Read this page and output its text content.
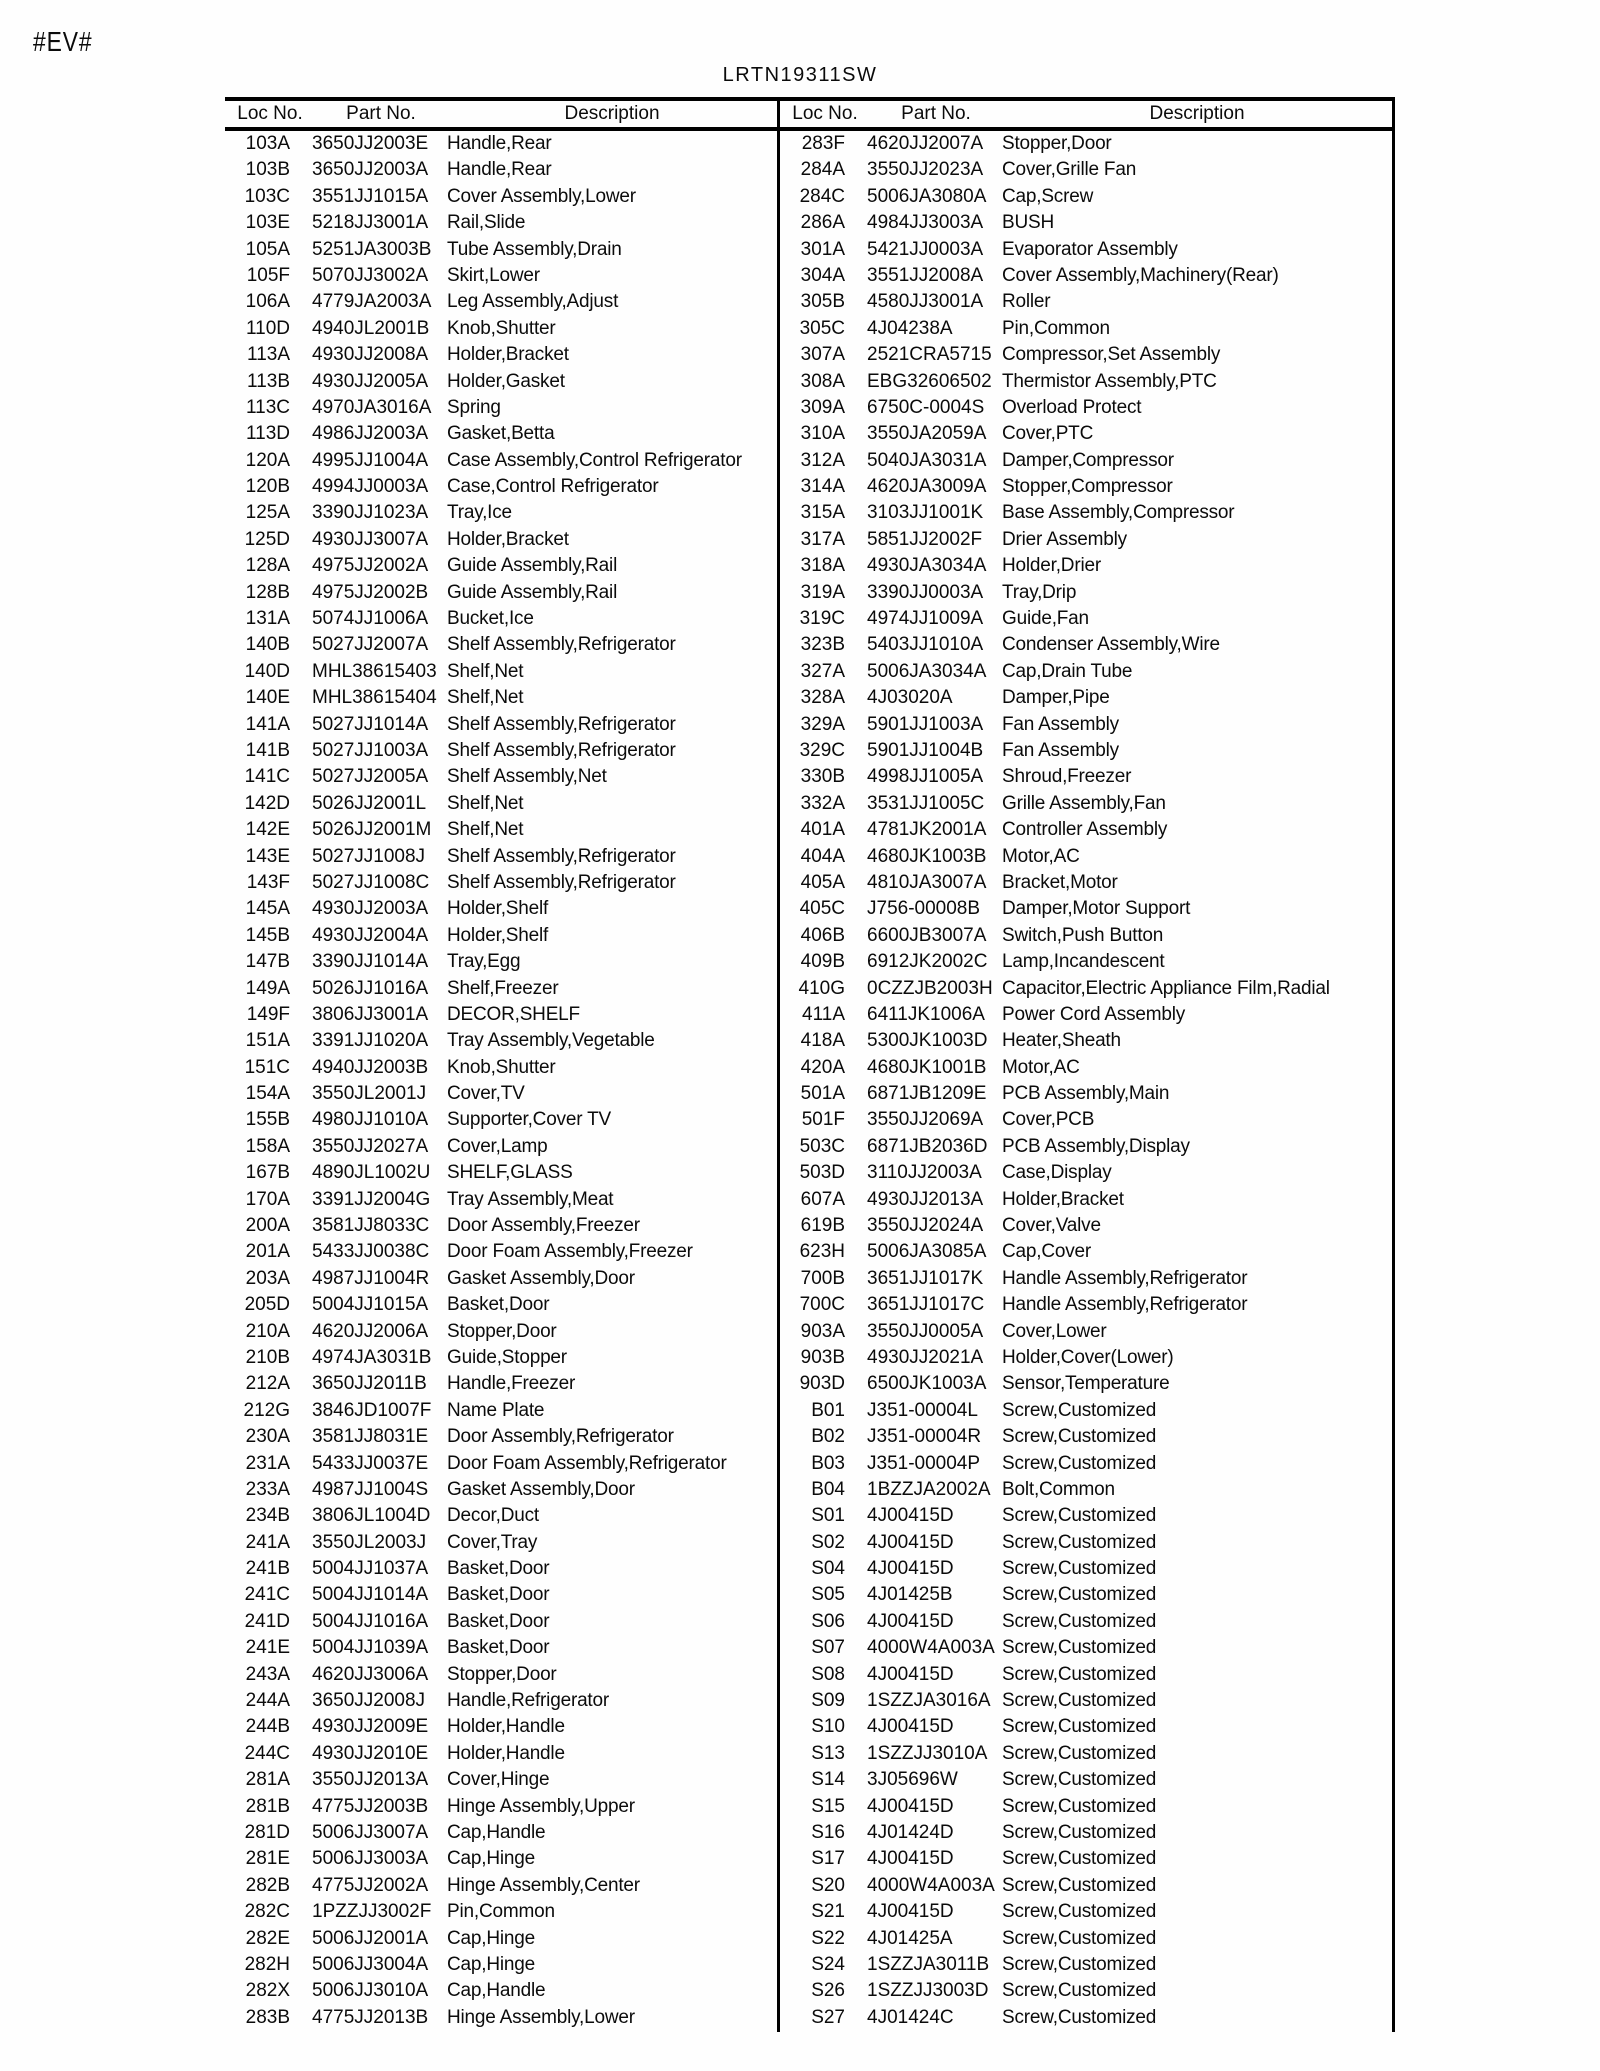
#EV#
LRTN19311SW
Loc No.	Part No.	Description	Loc No.	Part No.	Description
103A	3650JJ2003E Handle,Rear
103B	3650JJ2003A Handle,Rear
103C	3551JJ1015A Cover Assembly,Lower
103E	5218JJ3001A Rail,Slide
105A	5251JA3003B Tube Assembly,Drain
105F	5070JJ3002A Skirt,Lower
106A	4779JA2003A Leg Assembly,Adjust
110D	4940JL2001B Knob,Shutter
113A	4930JJ2008A Holder,Bracket
113B	4930JJ2005A Holder,Gasket
113C	4970JA3016A Spring
113D	4986JJ2003A Gasket,Betta
120A	4995JJ1004A Case Assembly,Control Refrigerator
120B	4994JJ0003A Case,Control Refrigerator
125A	3390JJ1023A Tray,Ice
125D	4930JJ3007A Holder,Bracket
128A	4975JJ2002A Guide Assembly,Rail
128B	4975JJ2002B Guide Assembly,Rail
131A	5074JJ1006A Bucket,Ice
140B	5027JJ2007A Shelf Assembly,Refrigerator
140D	MHL38615403 Shelf,Net
140E	MHL38615404 Shelf,Net
141A	5027JJ1014A Shelf Assembly,Refrigerator
141B	5027JJ1003A Shelf Assembly,Refrigerator
141C	5027JJ2005A Shelf Assembly,Net
142D	5026JJ2001L	Shelf,Net
142E	5026JJ2001M Shelf,Net
143E	5027JJ1008J	Shelf Assembly,Refrigerator
143F	5027JJ1008C Shelf Assembly,Refrigerator
145A	4930JJ2003A Holder,Shelf
145B	4930JJ2004A Holder,Shelf
147B	3390JJ1014A Tray,Egg
149A	5026JJ1016A Shelf,Freezer
149F	3806JJ3001A DECOR,SHELF
151A	3391JJ1020A Tray Assembly,Vegetable
151C	4940JJ2003B Knob,Shutter
154A	3550JL2001J	Cover,TV
155B	4980JJ1010A Supporter,Cover TV
158A	3550JJ2027A Cover,Lamp
167B	4890JL1002U SHELF,GLASS
170A	3391JJ2004G Tray Assembly,Meat
200A	3581JJ8033C Door Assembly,Freezer
201A	5433JJ0038C Door Foam Assembly,Freezer
203A	4987JJ1004R Gasket Assembly,Door
205D	5004JJ1015A Basket,Door
210A	4620JJ2006A Stopper,Door
210B	4974JA3031B Guide,Stopper
212A	3650JJ2011B	Handle,Freezer
212G	3846JD1007F Name Plate
230A	3581JJ8031E Door Assembly,Refrigerator
231A	5433JJ0037E Door Foam Assembly,Refrigerator
233A	4987JJ1004S Gasket Assembly,Door
234B	3806JL1004D Decor,Duct
241A	3550JL2003J	Cover,Tray
241B	5004JJ1037A Basket,Door
241C	5004JJ1014A Basket,Door
241D	5004JJ1016A Basket,Door
241E	5004JJ1039A Basket,Door
243A	4620JJ3006A Stopper,Door
244A	3650JJ2008J	Handle,Refrigerator
244B	4930JJ2009E Holder,Handle
244C	4930JJ2010E Holder,Handle
281A	3550JJ2013A Cover,Hinge
281B	4775JJ2003B Hinge Assembly,Upper
281D	5006JJ3007A Cap,Handle
281E	5006JJ3003A Cap,Hinge
282B	4775JJ2002A Hinge Assembly,Center
282C	1PZZJJ3002F Pin,Common
282E	5006JJ2001A Cap,Hinge
282H	5006JJ3004A Cap,Hinge
282X	5006JJ3010A Cap,Handle
283B	4775JJ2013B Hinge Assembly,Lower
283F	4620JJ2007A Stopper,Door
284A	3550JJ2023A Cover,Grille Fan
284C	5006JA3080A Cap,Screw
286A	4984JJ3003A BUSH
301A	5421JJ0003A Evaporator Assembly
304A	3551JJ2008A Cover Assembly,Machinery(Rear)
305B	4580JJ3001A Roller
305C	4J04238A	Pin,Common
307A	2521CRA5715 Compressor,Set Assembly
308A	EBG32606502 Thermistor Assembly,PTC
309A	6750C-0004S Overload Protect
310A	3550JA2059A Cover,PTC
312A	5040JA3031A Damper,Compressor
314A	4620JA3009A Stopper,Compressor
315A	3103JJ1001K Base Assembly,Compressor
317A	5851JJ2002F	Drier Assembly
318A	4930JA3034A Holder,Drier
319A	3390JJ0003A Tray,Drip
319C	4974JJ1009A Guide,Fan
323B	5403JJ1010A Condenser Assembly,Wire
327A	5006JA3034A Cap,Drain Tube
328A	4J03020A	Damper,Pipe
329A	5901JJ1003A Fan Assembly
329C	5901JJ1004B Fan Assembly
330B	4998JJ1005A Shroud,Freezer
332A	3531JJ1005C Grille Assembly,Fan
401A	4781JK2001A Controller Assembly
404A	4680JK1003B Motor,AC
405A	4810JA3007A Bracket,Motor
405C	J756-00008B	Damper,Motor Support
406B	6600JB3007A Switch,Push Button
409B	6912JK2002C Lamp,Incandescent
410G	0CZZJB2003H Capacitor,Electric Appliance Film,Radial
411A	6411JK1006A Power Cord Assembly
418A	5300JK1003D Heater,Sheath
420A	4680JK1001B Motor,AC
501A	6871JB1209E PCB Assembly,Main
501F	3550JJ2069A Cover,PCB
503C	6871JB2036D PCB Assembly,Display
503D	3110JJ2003A	Case,Display
607A	4930JJ2013A Holder,Bracket
619B	3550JJ2024A Cover,Valve
623H	5006JA3085A Cap,Cover
700B	3651JJ1017K Handle Assembly,Refrigerator
700C	3651JJ1017C Handle Assembly,Refrigerator
903A	3550JJ0005A Cover,Lower
903B	4930JJ2021A Holder,Cover(Lower)
903D	6500JK1003A Sensor,Temperature
B01	J351-00004L	Screw,Customized
B02	J351-00004R	Screw,Customized
B03	J351-00004P	Screw,Customized
B04	1BZZJA2002A Bolt,Common
S01	4J00415D	Screw,Customized
S02	4J00415D	Screw,Customized
S04	4J00415D	Screw,Customized
S05	4J01425B	Screw,Customized
S06	4J00415D	Screw,Customized
S07	4000W4A003A Screw,Customized
S08	4J00415D	Screw,Customized
S09	1SZZJA3016A Screw,Customized
S10	4J00415D	Screw,Customized
S13	1SZZJJ3010A Screw,Customized
S14	3J05696W	Screw,Customized
S15	4J00415D	Screw,Customized
S16	4J01424D	Screw,Customized
S17	4J00415D	Screw,Customized
S20	4000W4A003A Screw,Customized
S21	4J00415D	Screw,Customized
S22	4J01425A	Screw,Customized
S24	1SZZJA3011B Screw,Customized
S26	1SZZJJ3003D Screw,Customized
S27	4J01424C	Screw,Customized
